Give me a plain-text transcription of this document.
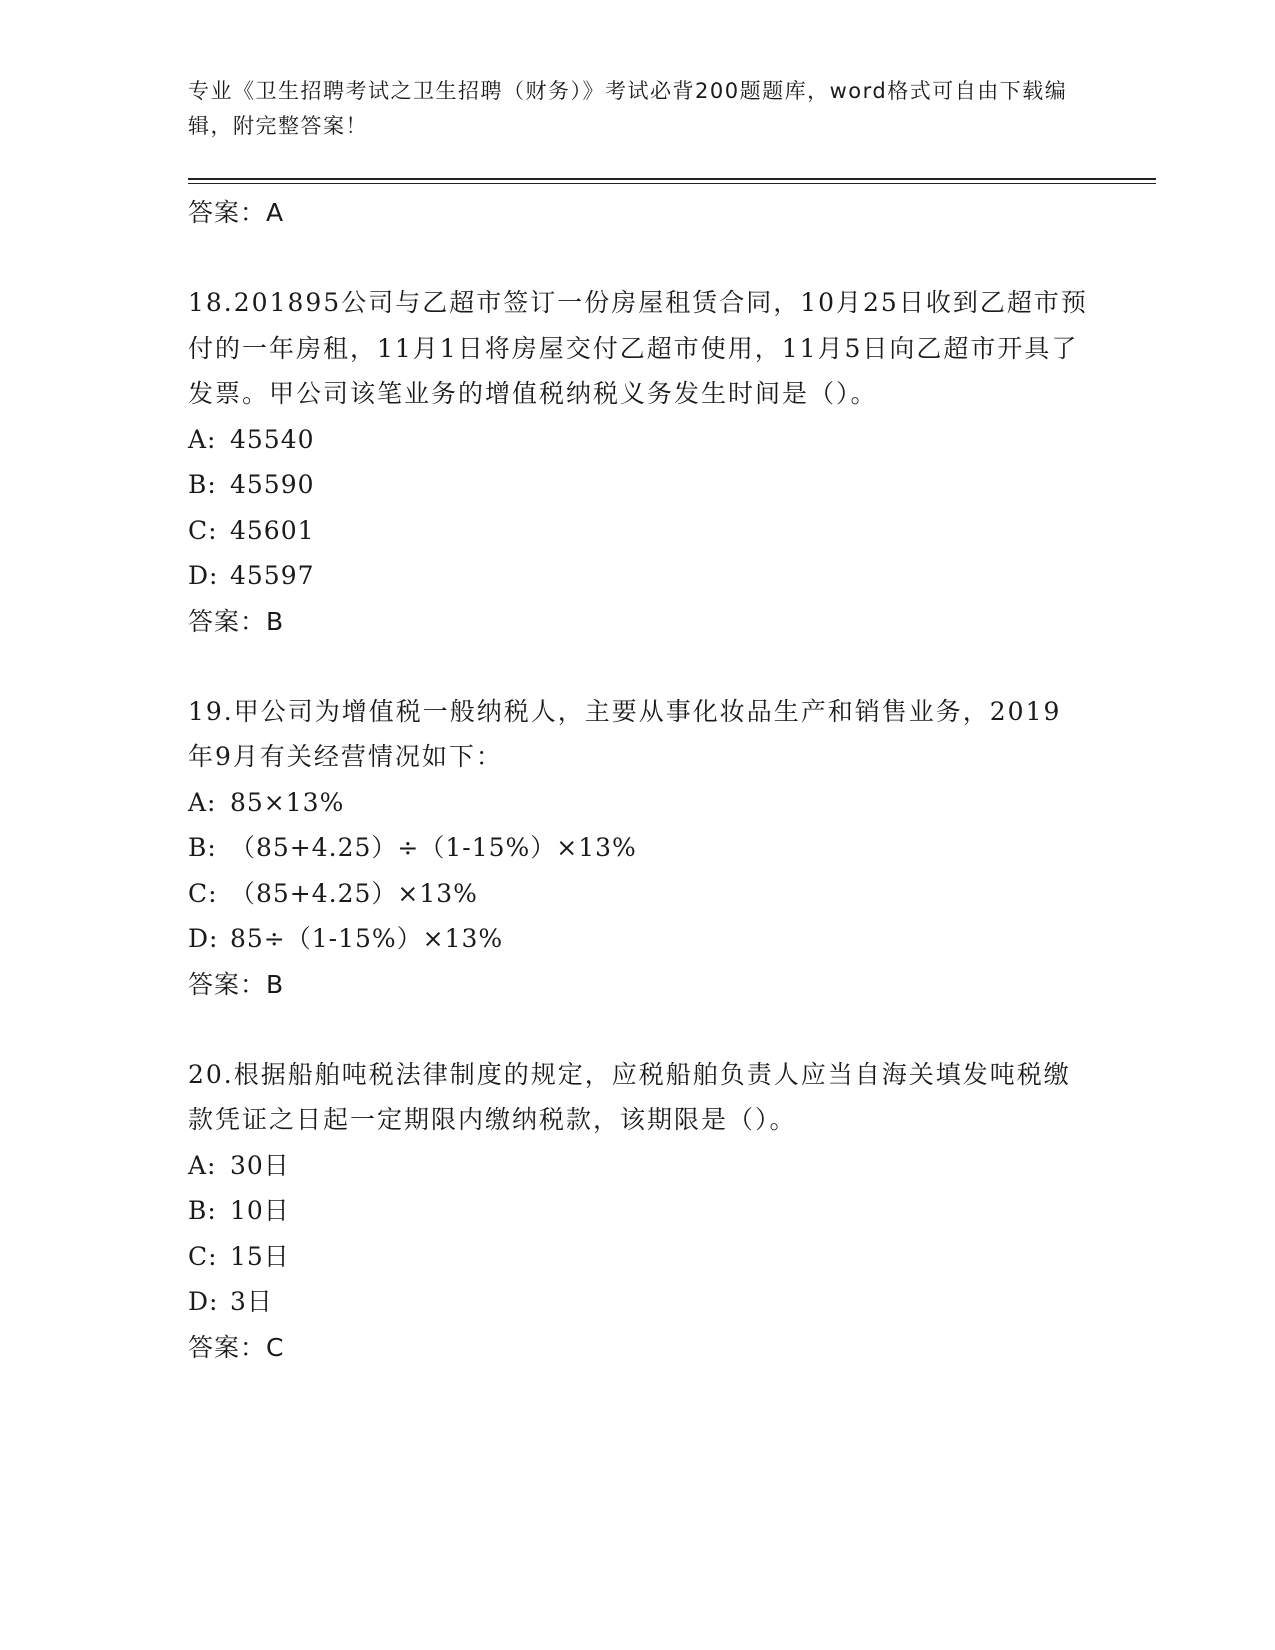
专业《卫生招聘考试之卫生招聘（财务）》考试必背200题题库，word格式可自由下载编辑，附完整答案！
答案：A
18.201895公司与乙超市签订一份房屋租赁合同，10月25日收到乙超市预付的一年房租，11月1日将房屋交付乙超市使用，11月5日向乙超市开具了发票。甲公司该笔业务的增值税纳税义务发生时间是（）。
A: 45540
B: 45590
C: 45601
D: 45597
答案：B
19.甲公司为增值税一般纳税人，主要从事化妆品生产和销售业务，2019年9月有关经营情况如下：
A: 85×13%
B: （85+4.25）÷（1-15%）×13%
C: （85+4.25）×13%
D: 85÷（1-15%）×13%
答案：B
20.根据船舶吨税法律制度的规定，应税船舶负责人应当自海关填发吨税缴款凭证之日起一定期限内缴纳税款，该期限是（）。
A: 30日
B: 10日
C: 15日
D: 3日
答案：C
